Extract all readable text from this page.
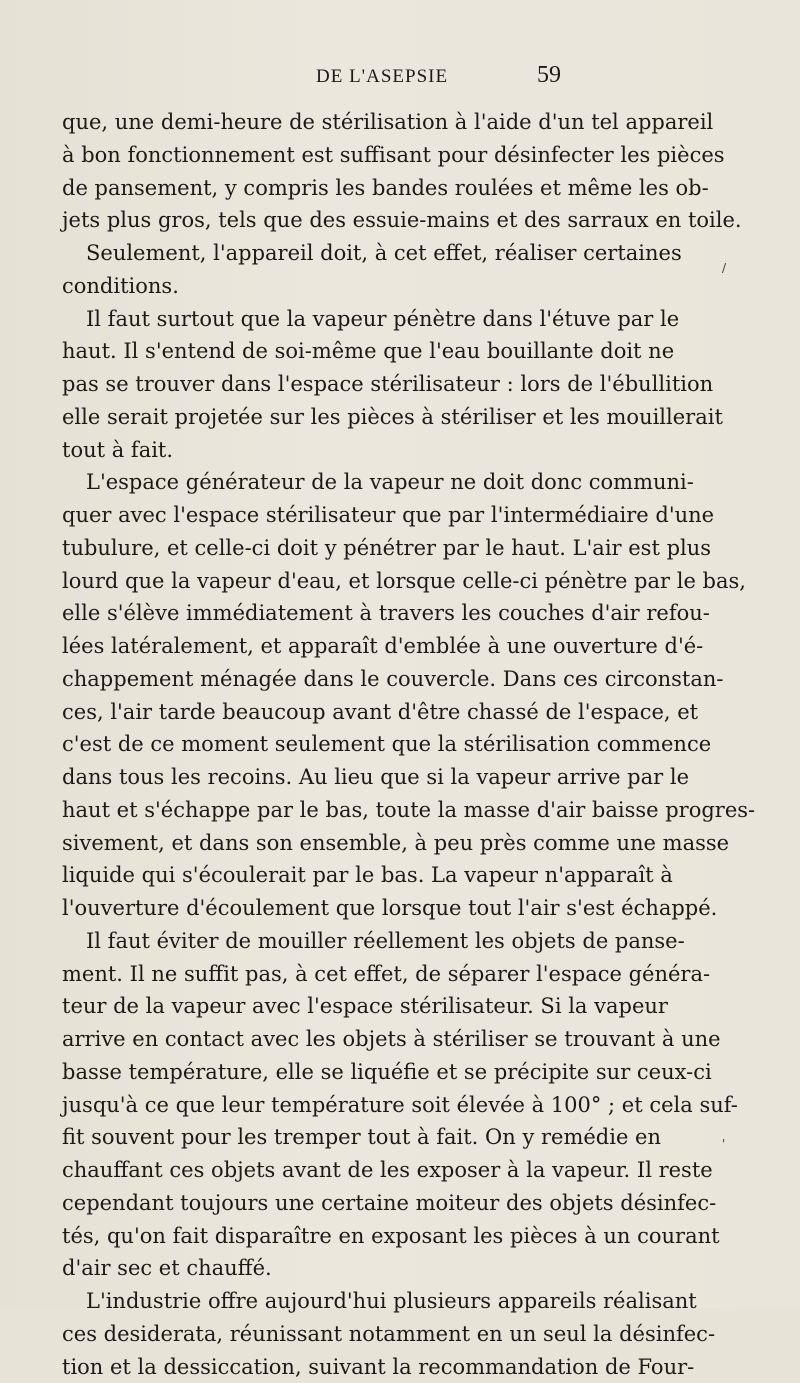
DE L'ASEPSIE	59
que, une demi-heure de stérilisation à l'aide d'un tel appareil
à bon fonctionnement est suffisant pour désinfecter les pièces
de pansement, y compris les bandes roulées et même les ob-
jets plus gros, tels que des essuie-mains et des sarraux en toile.
Seulement, l'appareil doit, à cet effet, réaliser certaines
conditions.
Il faut surtout que la vapeur pénètre dans l'étuve par le
haut. Il s'entend de soi-même que l'eau bouillante doit ne
pas se trouver dans l'espace stérilisateur : lors de l'ébullition
elle serait projetée sur les pièces à stériliser et les mouillerait
tout à fait.
L'espace générateur de la vapeur ne doit donc communi-
quer avec l'espace stérilisateur que par l'intermédiaire d'une
tubulure, et celle-ci doit y pénétrer par le haut. L'air est plus
lourd que la vapeur d'eau, et lorsque celle-ci pénètre par le bas,
elle s'élève immédiatement à travers les couches d'air refou-
lées latéralement, et apparaît d'emblée à une ouverture d'é-
chappement ménagée dans le couvercle. Dans ces circonstan-
ces, l'air tarde beaucoup avant d'être chassé de l'espace, et
c'est de ce moment seulement que la stérilisation commence
dans tous les recoins. Au lieu que si la vapeur arrive par le
haut et s'échappe par le bas, toute la masse d'air baisse progres-
sivement, et dans son ensemble, à peu près comme une masse
liquide qui s'écoulerait par le bas. La vapeur n'apparaît à
l'ouverture d'écoulement que lorsque tout l'air s'est échappé.
Il faut éviter de mouiller réellement les objets de panse-
ment. Il ne suffit pas, à cet effet, de séparer l'espace généra-
teur de la vapeur avec l'espace stérilisateur. Si la vapeur
arrive en contact avec les objets à stériliser se trouvant à une
basse température, elle se liquéfie et se précipite sur ceux-ci
jusqu'à ce que leur température soit élevée à 100° ; et cela suf-
fit souvent pour les tremper tout à fait. On y remédie en
chauffant ces objets avant de les exposer à la vapeur. Il reste
cependant toujours une certaine moiteur des objets désinfec-
tés, qu'on fait disparaître en exposant les pièces à un courant
d'air sec et chauffé.
L'industrie offre aujourd'hui plusieurs appareils réalisant
ces desiderata, réunissant notamment en un seul la désinfec-
tion et la dessiccation, suivant la recommandation de Four-
/
'
